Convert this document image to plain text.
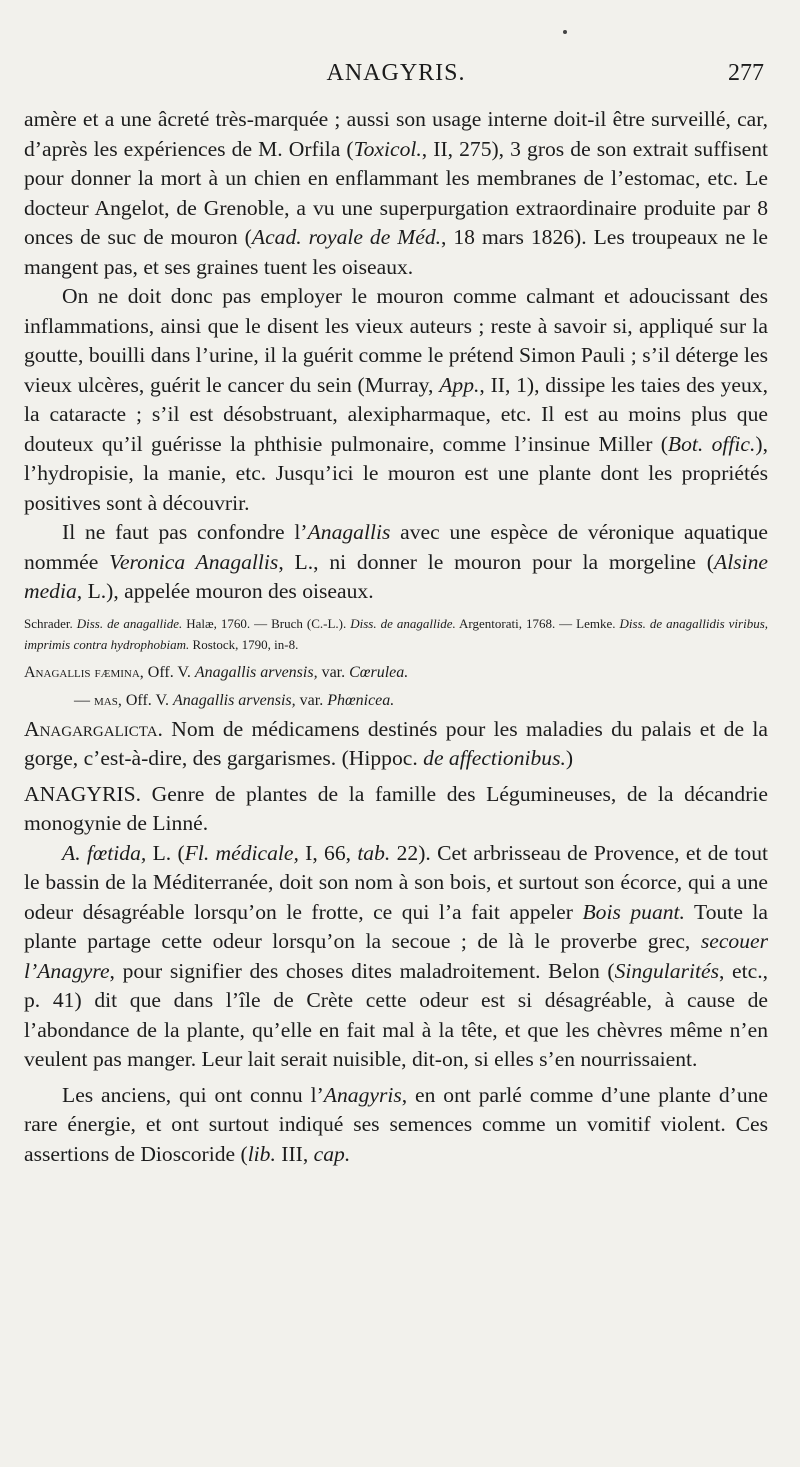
ANAGYRIS.	277

amère et a une âcreté très-marquée ; aussi son usage interne doit-il être surveillé, car, d’après les expériences de M. Orfila (Toxicol., II, 275), 3 gros de son extrait suffisent pour donner la mort à un chien en enflammant les membranes de l’estomac, etc. Le docteur Angelot, de Grenoble, a vu une superpurgation extraordinaire produite par 8 onces de suc de mouron (Acad. royale de Méd., 18 mars 1826). Les troupeaux ne le mangent pas, et ses graines tuent les oiseaux.

On ne doit donc pas employer le mouron comme calmant et adoucissant des inflammations, ainsi que le disent les vieux auteurs ; reste à savoir si, appliqué sur la goutte, bouilli dans l’urine, il la guérit comme le prétend Simon Pauli ; s’il déterge les vieux ulcères, guérit le cancer du sein (Murray, App., II, 1), dissipe les taies des yeux, la cataracte ; s’il est désobstruant, alexipharmaque, etc. Il est au moins plus que douteux qu’il guérisse la phthisie pulmonaire, comme l’insinue Miller (Bot. offic.), l’hydropisie, la manie, etc. Jusqu’ici le mouron est une plante dont les propriétés positives sont à découvrir.

Il ne faut pas confondre l’Anagallis avec une espèce de véronique aquatique nommée Veronica Anagallis, L., ni donner le mouron pour la morgeline (Alsine media, L.), appelée mouron des oiseaux.

Schrader. Diss. de anagallide. Halæ, 1760. — Bruch (C.-L.). Diss. de anagallide. Argentorati, 1768. — Lemke. Diss. de anagallidis viribus, imprimis contra hydrophobiam. Rostock, 1790, in-8.

Anagallis fæmina, Off. V. Anagallis arvensis, var. Cœrulea.

— mas, Off. V. Anagallis arvensis, var. Phœnicea.

Anagargalicta. Nom de médicamens destinés pour les maladies du palais et de la gorge, c’est-à-dire, des gargarismes. (Hippoc. de affectionibus.)

ANAGYRIS. Genre de plantes de la famille des Légumineuses, de la décandrie monogynie de Linné.

A. fœtida, L. (Fl. médicale, I, 66, tab. 22). Cet arbrisseau de Provence, et de tout le bassin de la Méditerranée, doit son nom à son bois, et surtout son écorce, qui a une odeur désagréable lorsqu’on le frotte, ce qui l’a fait appeler Bois puant. Toute la plante partage cette odeur lorsqu’on la secoue ; de là le proverbe grec, secouer l’Anagyre, pour signifier des choses dites maladroitement. Belon (Singularités, etc., p. 41) dit que dans l’île de Crète cette odeur est si désagréable, à cause de l’abondance de la plante, qu’elle en fait mal à la tête, et que les chèvres même n’en veulent pas manger. Leur lait serait nuisible, dit-on, si elles s’en nourrissaient.

Les anciens, qui ont connu l’Anagyris, en ont parlé comme d’une plante d’une rare énergie, et ont surtout indiqué ses semences comme un vomitif violent. Ces assertions de Dioscoride (lib. III, cap.
